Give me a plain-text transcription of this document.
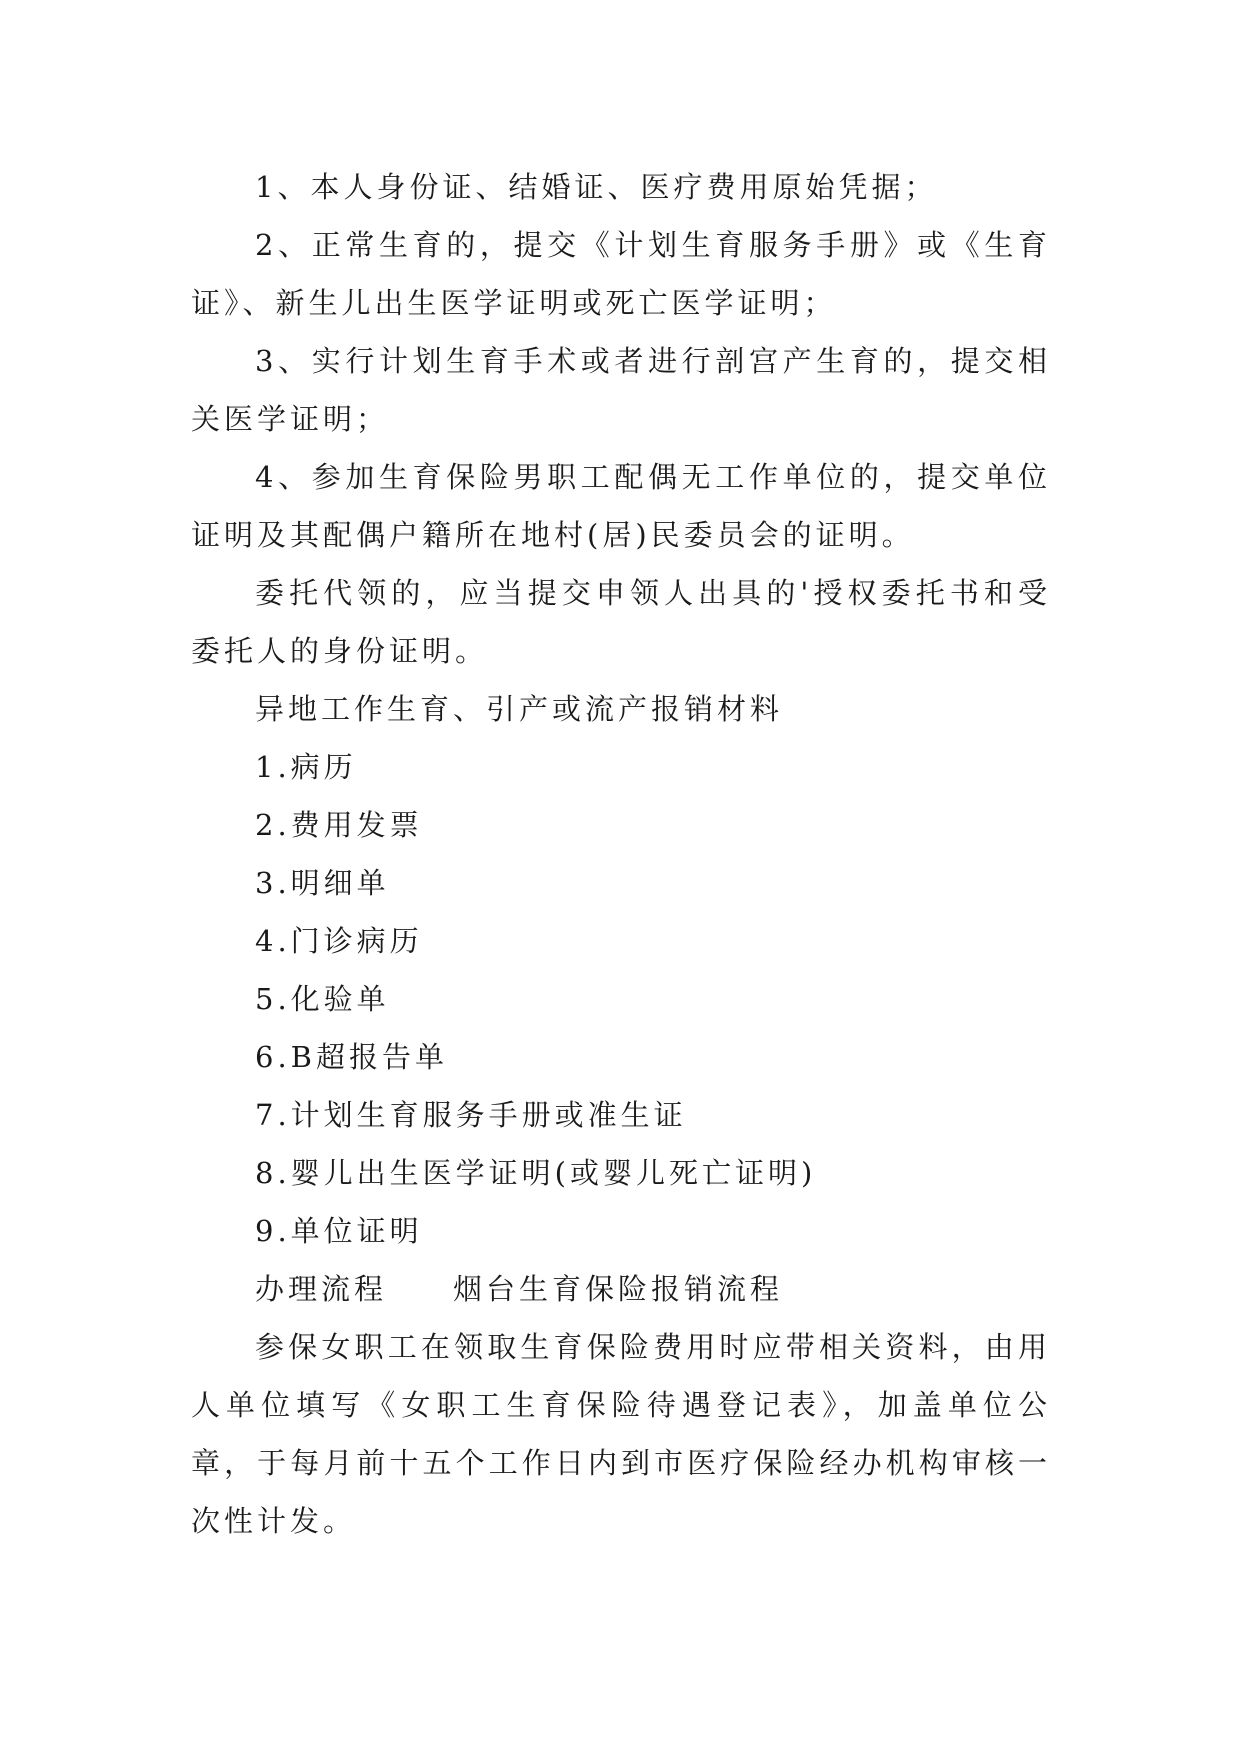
1、本人身份证、结婚证、医疗费用原始凭据；

2、正常生育的，提交《计划生育服务手册》或《生育证》、新生儿出生医学证明或死亡医学证明；

3、实行计划生育手术或者进行剖宫产生育的，提交相关医学证明；

4、参加生育保险男职工配偶无工作单位的，提交单位证明及其配偶户籍所在地村(居)民委员会的证明。

委托代领的，应当提交申领人出具的'授权委托书和受委托人的身份证明。

异地工作生育、引产或流产报销材料

1.病历

2.费用发票

3.明细单

4.门诊病历

5.化验单

6.B超报告单

7.计划生育服务手册或准生证

8.婴儿出生医学证明(或婴儿死亡证明)

9.单位证明

办理流程　　烟台生育保险报销流程

参保女职工在领取生育保险费用时应带相关资料，由用人单位填写《女职工生育保险待遇登记表》，加盖单位公章，于每月前十五个工作日内到市医疗保险经办机构审核一次性计发。
